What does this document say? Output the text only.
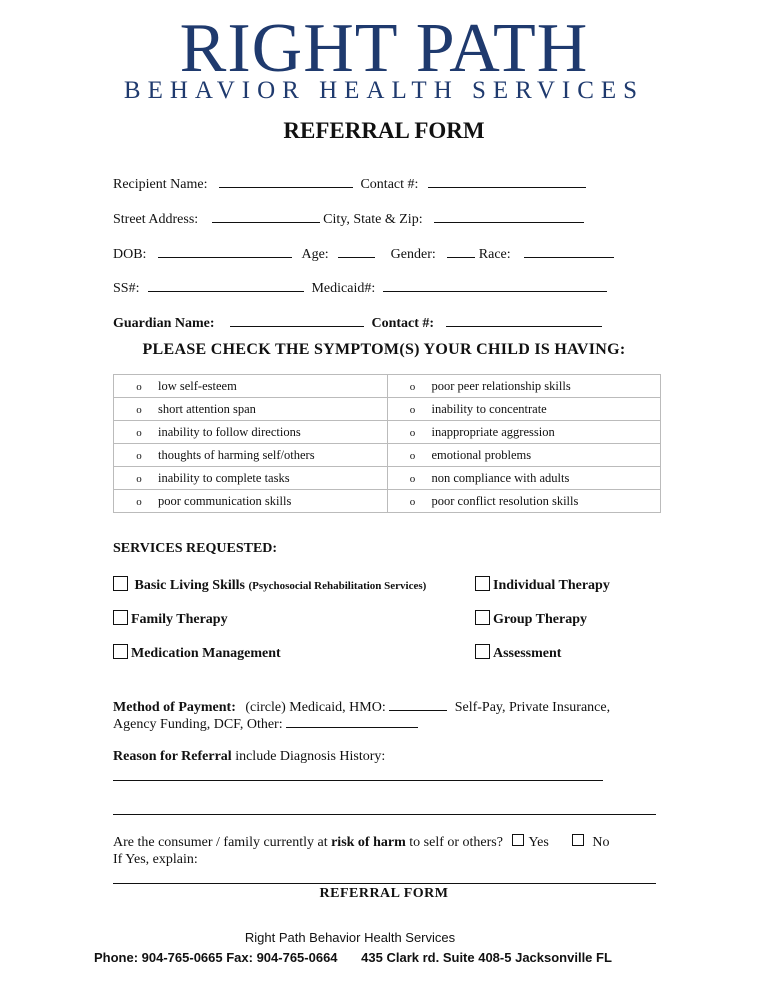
RIGHT PATH
BEHAVIOR HEALTH SERVICES
REFERRAL FORM
Recipient Name:	Contact #:
Street Address:	City, State & Zip:
DOB:	Age:	Gender:	Race:
SS#:	Medicaid#:
Guardian Name:	Contact #:
PLEASE CHECK THE SYMPTOM(S) YOUR CHILD IS HAVING:
o low self-esteem	o poor peer relationship skills
o short attention span	o inability to concentrate
o inability to follow directions	o inappropriate aggression
o thoughts of harming self/others	o emotional problems
o inability to complete tasks	o non compliance with adults
o poor communication skills	o poor conflict resolution skills
SERVICES REQUESTED:
Basic Living Skills (Psychosocial Rehabilitation Services)	Individual Therapy
Family Therapy	Group Therapy
Medication Management	Assessment
Method of Payment: (circle) Medicaid, HMO:	Self-Pay, Private Insurance,
Agency Funding, DCF, Other:
Reason for Referral include Diagnosis History:
Are the consumer / family currently at risk of harm to self or others? Yes	No
If Yes, explain:
REFERRAL FORM
Right Path Behavior Health Services
Phone: 904-765-0665 Fax: 904-765-0664 435 Clark rd. Suite 408-5 Jacksonville FL
